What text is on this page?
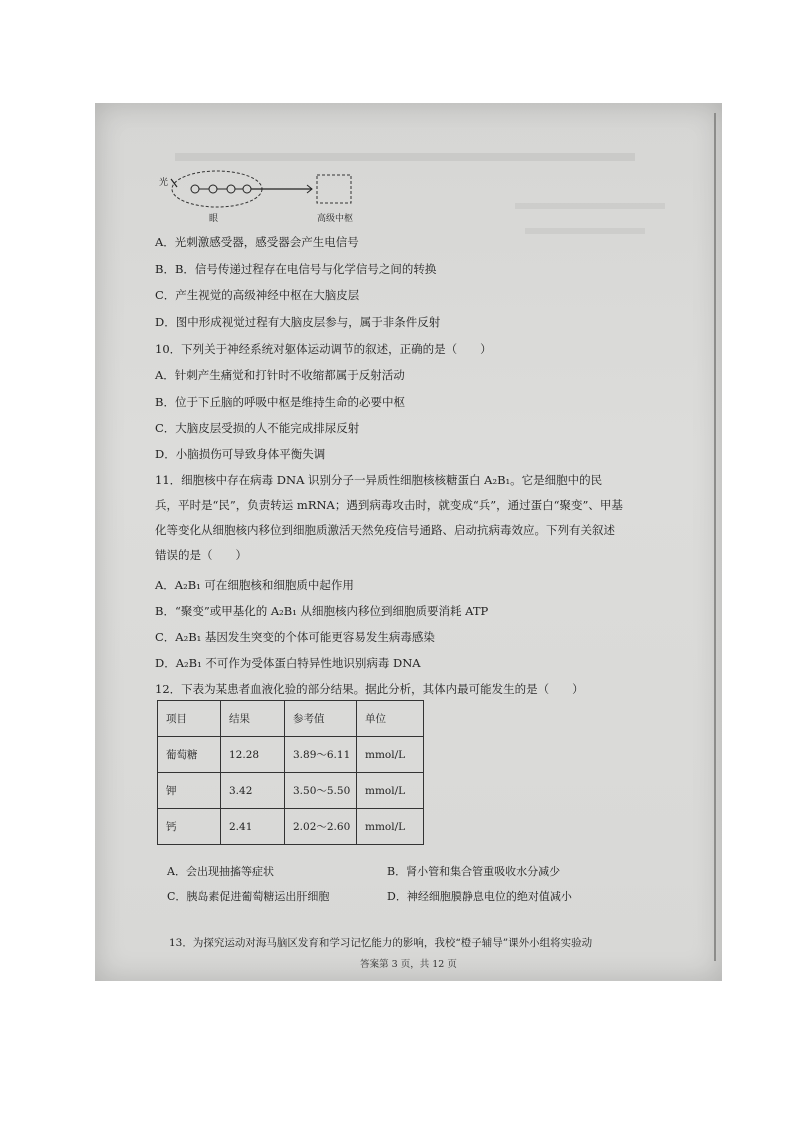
光
眼	高级中枢
A．光刺激感受器，感受器会产生电信号
B．B．信号传递过程存在电信号与化学信号之间的转换
C．产生视觉的高级神经中枢在大脑皮层
D．图中形成视觉过程有大脑皮层参与，属于非条件反射
10．下列关于神经系统对躯体运动调节的叙述，正确的是（　　）
A．针刺产生痛觉和打针时不收缩都属于反射活动
B．位于下丘脑的呼吸中枢是维持生命的必要中枢
C．大脑皮层受损的人不能完成排尿反射
D．小脑损伤可导致身体平衡失调
11．细胞核中存在病毒 DNA 识别分子一异质性细胞核核糖蛋白 A₂B₁。它是细胞中的民兵，平时是“民”，负责转运 mRNA；遇到病毒攻击时，就变成“兵”，通过蛋白“聚变”、甲基化等变化从细胞核内移位到细胞质激活天然免疫信号通路、启动抗病毒效应。下列有关叙述错误的是（　　）
A．A₂B₁ 可在细胞核和细胞质中起作用
B．“聚变”或甲基化的 A₂B₁ 从细胞核内移位到细胞质要消耗 ATP
C．A₂B₁ 基因发生突变的个体可能更容易发生病毒感染
D．A₂B₁ 不可作为受体蛋白特异性地识别病毒 DNA
12．下表为某患者血液化验的部分结果。据此分析，其体内最可能发生的是（　　）
项目	结果	参考值	单位
葡萄糖	12.28	3.89～6.11	mmol/L
钾	3.42	3.50～5.50	mmol/L
钙	2.41	2.02～2.60	mmol/L
A．会出现抽搐等症状	B．肾小管和集合管重吸收水分减少
C．胰岛素促进葡萄糖运出肝细胞	D．神经细胞膜静息电位的绝对值减小
13．为探究运动对海马脑区发育和学习记忆能力的影响，我校“橙子辅导”课外小组将实验动
答案第 3 页，共 12 页
